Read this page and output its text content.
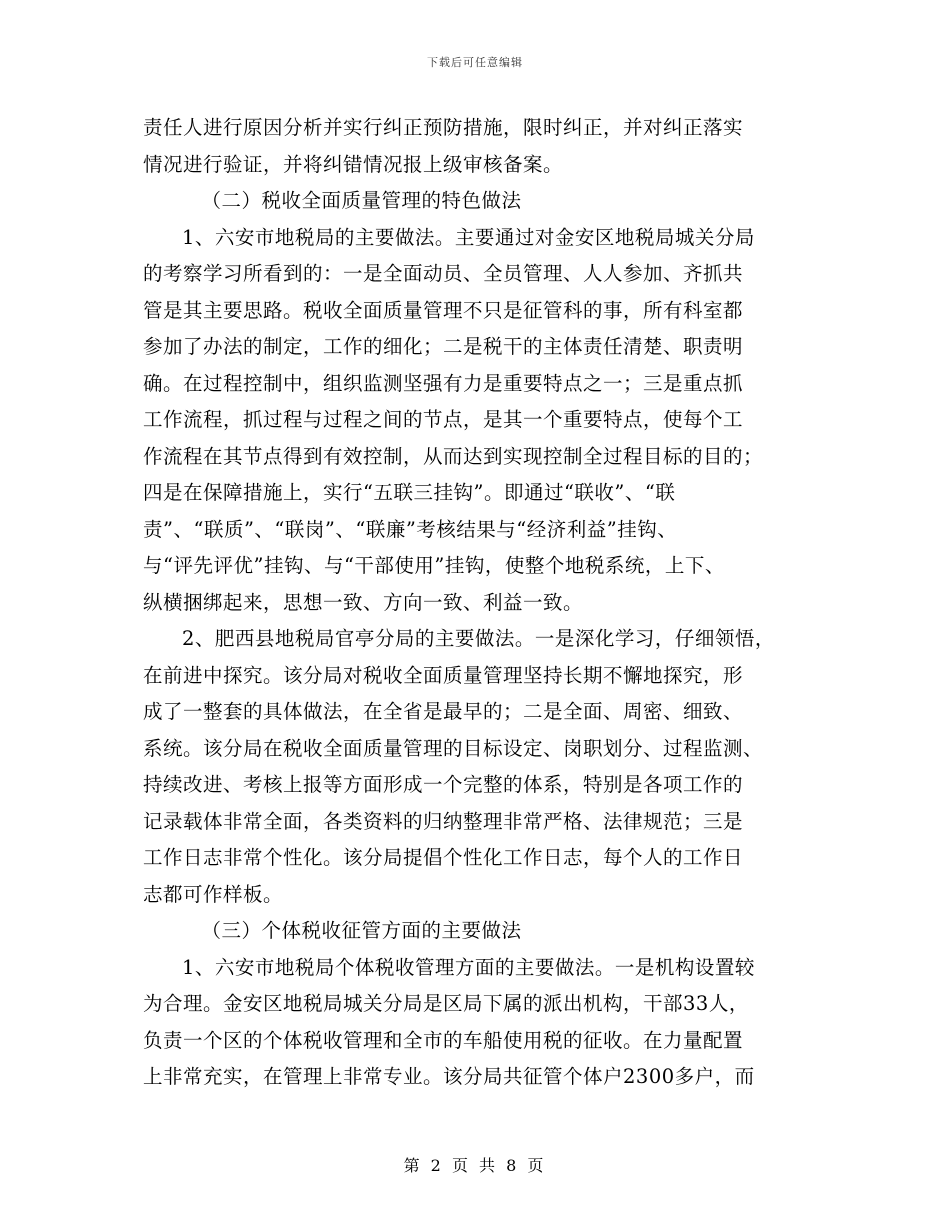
下载后可任意编辑
责任人进行原因分析并实行纠正预防措施，限时纠正，并对纠正落实
情况进行验证，并将纠错情况报上级审核备案。
（二）税收全面质量管理的特色做法
1、六安市地税局的主要做法。主要通过对金安区地税局城关分局
的考察学习所看到的：一是全面动员、全员管理、人人参加、齐抓共
管是其主要思路。税收全面质量管理不只是征管科的事，所有科室都
参加了办法的制定，工作的细化；二是税干的主体责任清楚、职责明
确。在过程控制中，组织监测坚强有力是重要特点之一；三是重点抓
工作流程，抓过程与过程之间的节点，是其一个重要特点，使每个工
作流程在其节点得到有效控制，从而达到实现控制全过程目标的目的；
四是在保障措施上，实行“五联三挂钩”。即通过“联收”、“联
责”、“联质”、“联岗”、“联廉”考核结果与“经济利益”挂钩、
与“评先评优”挂钩、与“干部使用”挂钩，使整个地税系统，上下、
纵横捆绑起来，思想一致、方向一致、利益一致。
2、肥西县地税局官亭分局的主要做法。一是深化学习，仔细领悟，
在前进中探究。该分局对税收全面质量管理坚持长期不懈地探究，形
成了一整套的具体做法，在全省是最早的；二是全面、周密、细致、
系统。该分局在税收全面质量管理的目标设定、岗职划分、过程监测、
持续改进、考核上报等方面形成一个完整的体系，特别是各项工作的
记录载体非常全面，各类资料的归纳整理非常严格、法律规范；三是
工作日志非常个性化。该分局提倡个性化工作日志，每个人的工作日
志都可作样板。
（三）个体税收征管方面的主要做法
1、六安市地税局个体税收管理方面的主要做法。一是机构设置较
为合理。金安区地税局城关分局是区局下属的派出机构，干部33人，
负责一个区的个体税收管理和全市的车船使用税的征收。在力量配置
上非常充实，在管理上非常专业。该分局共征管个体户2300多户，而
第 2 页 共 8 页
